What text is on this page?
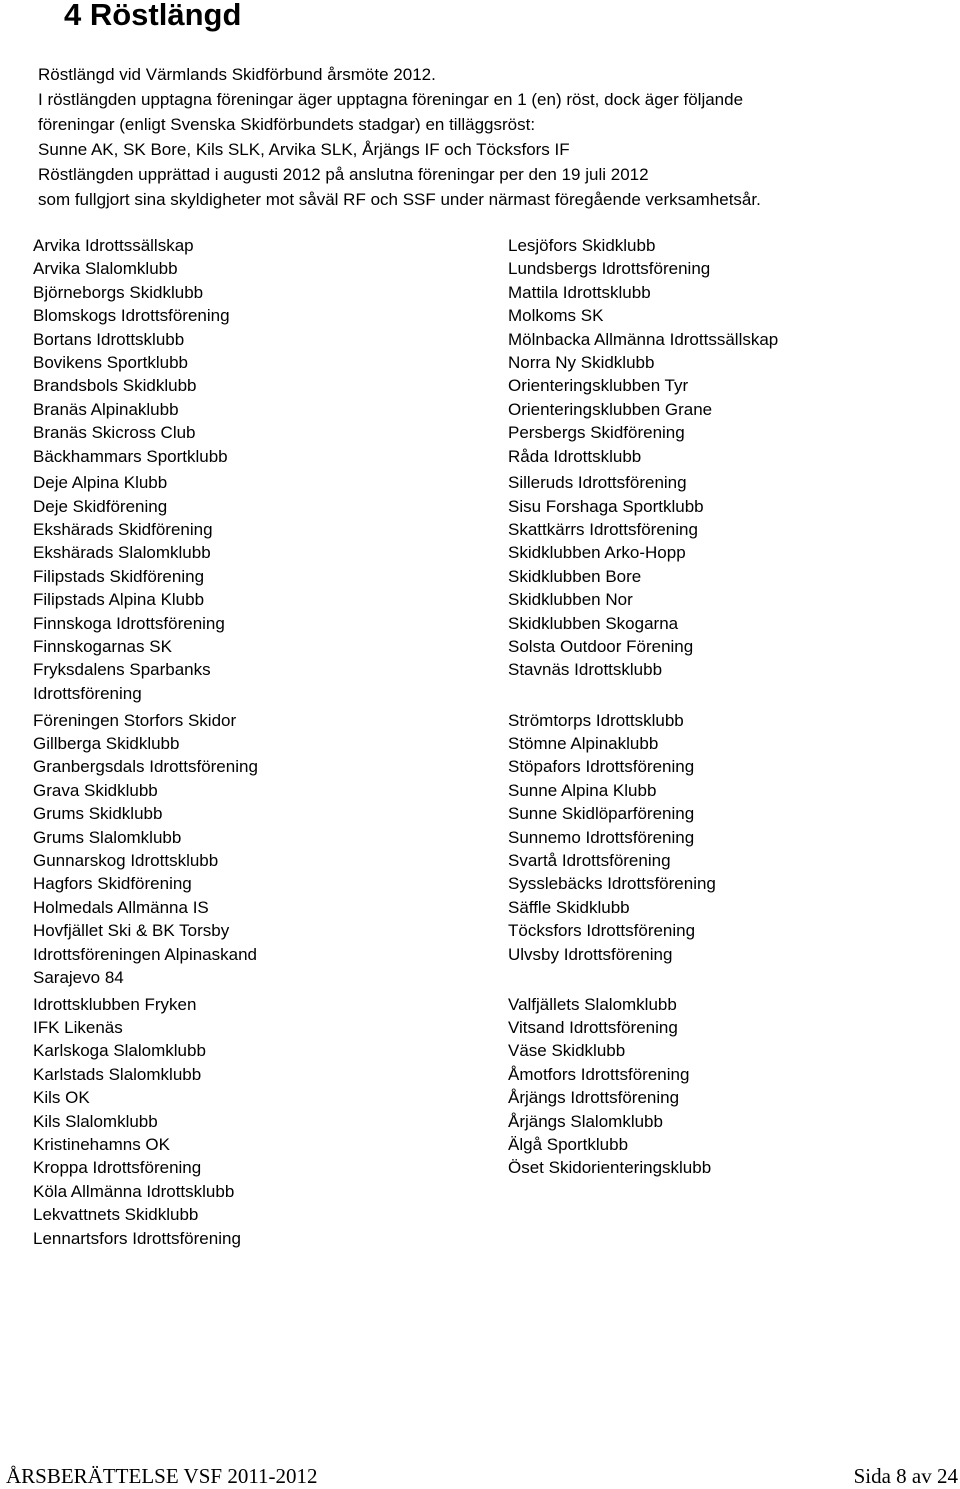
4 Röstlängd
Röstlängd vid Värmlands Skidförbund årsmöte 2012.
I röstlängden upptagna föreningar äger upptagna föreningar en 1 (en) röst, dock äger följande
föreningar (enligt Svenska Skidförbundets stadgar) en tilläggsröst:
Sunne AK, SK Bore, Kils SLK, Arvika SLK, Årjängs IF och Töcksfors IF
Röstlängden upprättad i augusti 2012 på anslutna föreningar per den 19 juli 2012
som fullgjort sina skyldigheter mot såväl RF och SSF under närmast föregående verksamhetsår.
Arvika Idrottssällskap
Arvika Slalomklubb
Björneborgs Skidklubb
Blomskogs Idrottsförening
Bortans Idrottsklubb
Bovikens Sportklubb
Brandsbols Skidklubb
Branäs Alpinaklubb
Branäs Skicross Club
Bäckhammars Sportklubb
Deje Alpina Klubb
Deje Skidförening
Ekshärads Skidförening
Ekshärads Slalomklubb
Filipstads Skidförening
Filipstads Alpina Klubb
Finnskoga Idrottsförening
Finnskogarnas SK
Fryksdalens Sparbanks
Idrottsförening
Föreningen Storfors Skidor
Gillberga Skidklubb
Granbergsdals Idrottsförening
Grava Skidklubb
Grums Skidklubb
Grums Slalomklubb
Gunnarskog Idrottsklubb
Hagfors Skidförening
Holmedals Allmänna IS
Hovfjället Ski & BK Torsby
Idrottsföreningen Alpinaskand
Sarajevo 84
Idrottsklubben Fryken
IFK Likenäs
Karlskoga Slalomklubb
Karlstads Slalomklubb
Kils OK
Kils Slalomklubb
Kristinehamns OK
Kroppa Idrottsförening
Köla Allmänna Idrottsklubb
Lekvattnets Skidklubb
Lennartsfors Idrottsförening
Lesjöfors Skidklubb
Lundsbergs Idrottsförening
Mattila Idrottsklubb
Molkoms SK
Mölnbacka Allmänna Idrottssällskap
Norra Ny Skidklubb
Orienteringsklubben Tyr
Orienteringsklubben Grane
Persbergs Skidförening
Råda Idrottsklubb
Silleruds Idrottsförening
Sisu Forshaga Sportklubb
Skattkärrs Idrottsförening
Skidklubben Arko-Hopp
Skidklubben Bore
Skidklubben Nor
Skidklubben Skogarna
Solsta Outdoor Förening
Stavnäs Idrottsklubb
Strömtorps Idrottsklubb
Stömne Alpinaklubb
Stöpafors Idrottsförening
Sunne Alpina Klubb
Sunne Skidlöparförening
Sunnemo Idrottsförening
Svartå Idrottsförening
Sysslebäcks Idrottsförening
Säffle Skidklubb
Töcksfors Idrottsförening
Ulvsby Idrottsförening
Valfjällets Slalomklubb
Vitsand Idrottsförening
Väse Skidklubb
Åmotfors Idrottsförening
Årjängs Idrottsförening
Årjängs Slalomklubb
Älgå Sportklubb
Öset Skidorienteringsklubb
ÅRSBERÄTTELSE VSF 2011-2012	Sida 8 av 24
